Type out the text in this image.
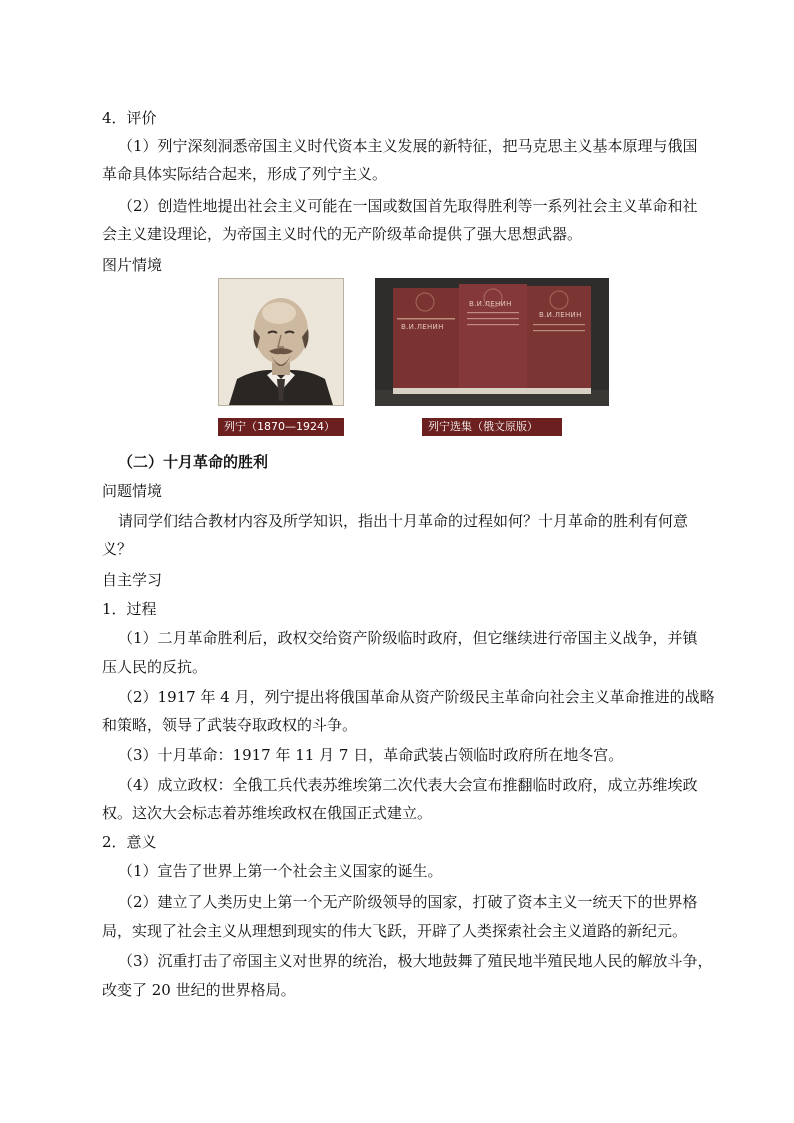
4．评价
（1）列宁深刻洞悉帝国主义时代资本主义发展的新特征，把马克思主义基本原理与俄国
革命具体实际结合起来，形成了列宁主义。
（2）创造性地提出社会主义可能在一国或数国首先取得胜利等一系列社会主义革命和社
会主义建设理论，为帝国主义时代的无产阶级革命提供了强大思想武器。
图片情境
列宁（1870—1924）
В.И.ЛЕНИН
В.И.ЛЕНИН
В.И.ЛЕНИН
列宁选集（俄文原版）
（二）十月革命的胜利
问题情境
请同学们结合教材内容及所学知识，指出十月革命的过程如何？十月革命的胜利有何意
义？
自主学习
1．过程
（1）二月革命胜利后，政权交给资产阶级临时政府，但它继续进行帝国主义战争，并镇
压人民的反抗。
（2）1917 年 4 月，列宁提出将俄国革命从资产阶级民主革命向社会主义革命推进的战略
和策略，领导了武装夺取政权的斗争。
（3）十月革命：1917 年 11 月 7 日，革命武装占领临时政府所在地冬宫。
（4）成立政权：全俄工兵代表苏维埃第二次代表大会宣布推翻临时政府，成立苏维埃政
权。这次大会标志着苏维埃政权在俄国正式建立。
2．意义
（1）宣告了世界上第一个社会主义国家的诞生。
（2）建立了人类历史上第一个无产阶级领导的国家，打破了资本主义一统天下的世界格
局，实现了社会主义从理想到现实的伟大飞跃，开辟了人类探索社会主义道路的新纪元。
（3）沉重打击了帝国主义对世界的统治，极大地鼓舞了殖民地半殖民地人民的解放斗争，
改变了 20 世纪的世界格局。
